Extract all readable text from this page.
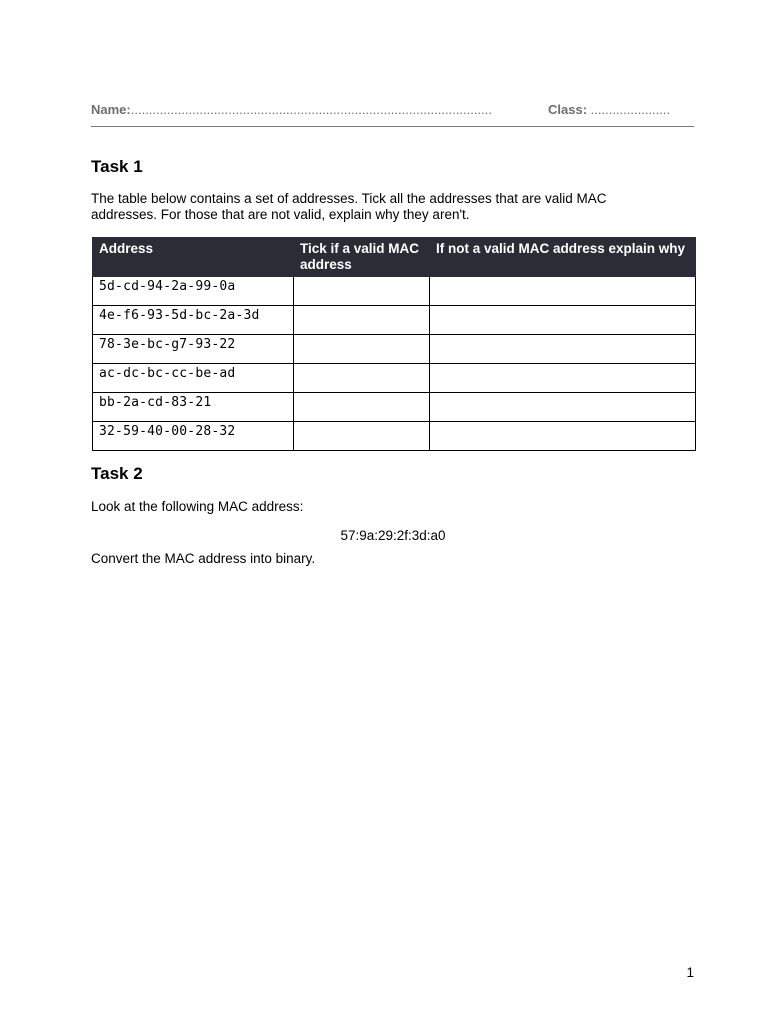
Name:....................................................................................................	Class: ......................
Task 1

The table below contains a set of addresses. Tick all the addresses that are valid MAC addresses. For those that are not valid, explain why they aren't.

Address	Tick if a valid MAC address	If not a valid MAC address explain why
5d-cd-94-2a-99-0a		
4e-f6-93-5d-bc-2a-3d		
78-3e-bc-g7-93-22		
ac-dc-bc-cc-be-ad		
bb-2a-cd-83-21		
32-59-40-00-28-32		
Task 2

Look at the following MAC address:

57:9a:29:2f:3d:a0

Convert the MAC address into binary.

1
